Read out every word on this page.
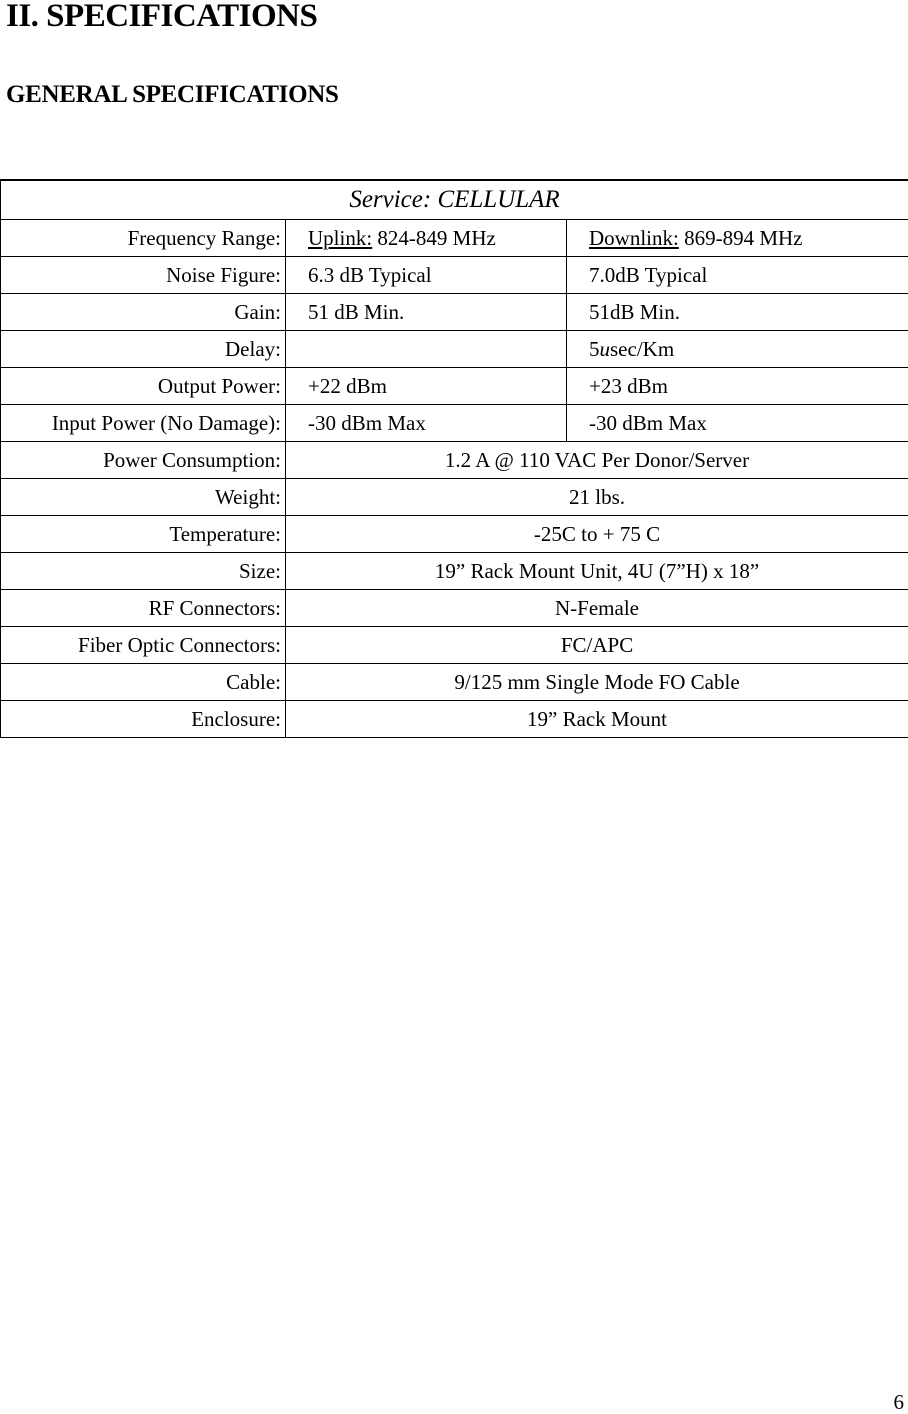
II. SPECIFICATIONS
GENERAL SPECIFICATIONS
Service: CELLULAR		
Frequency Range:	Uplink: 824-849 MHz	Downlink: 869-894 MHz
Noise Figure:	6.3 dB Typical	7.0dB Typical
Gain:	51 dB Min.	51dB Min.
Delay:		5usec/Km
Output Power:	+22 dBm	+23 dBm
Input Power (No Damage):	-30 dBm Max	-30 dBm Max
Power Consumption:	1.2 A @ 110 VAC Per Donor/Server	
Weight:	21 lbs.	
Temperature:	-25C to + 75 C	
Size:	19” Rack Mount Unit, 4U (7”H) x 18”	
RF Connectors:	N-Female	
Fiber Optic Connectors:	FC/APC	
Cable:	9/125 mm Single Mode FO Cable	
Enclosure:	19” Rack Mount	
6
